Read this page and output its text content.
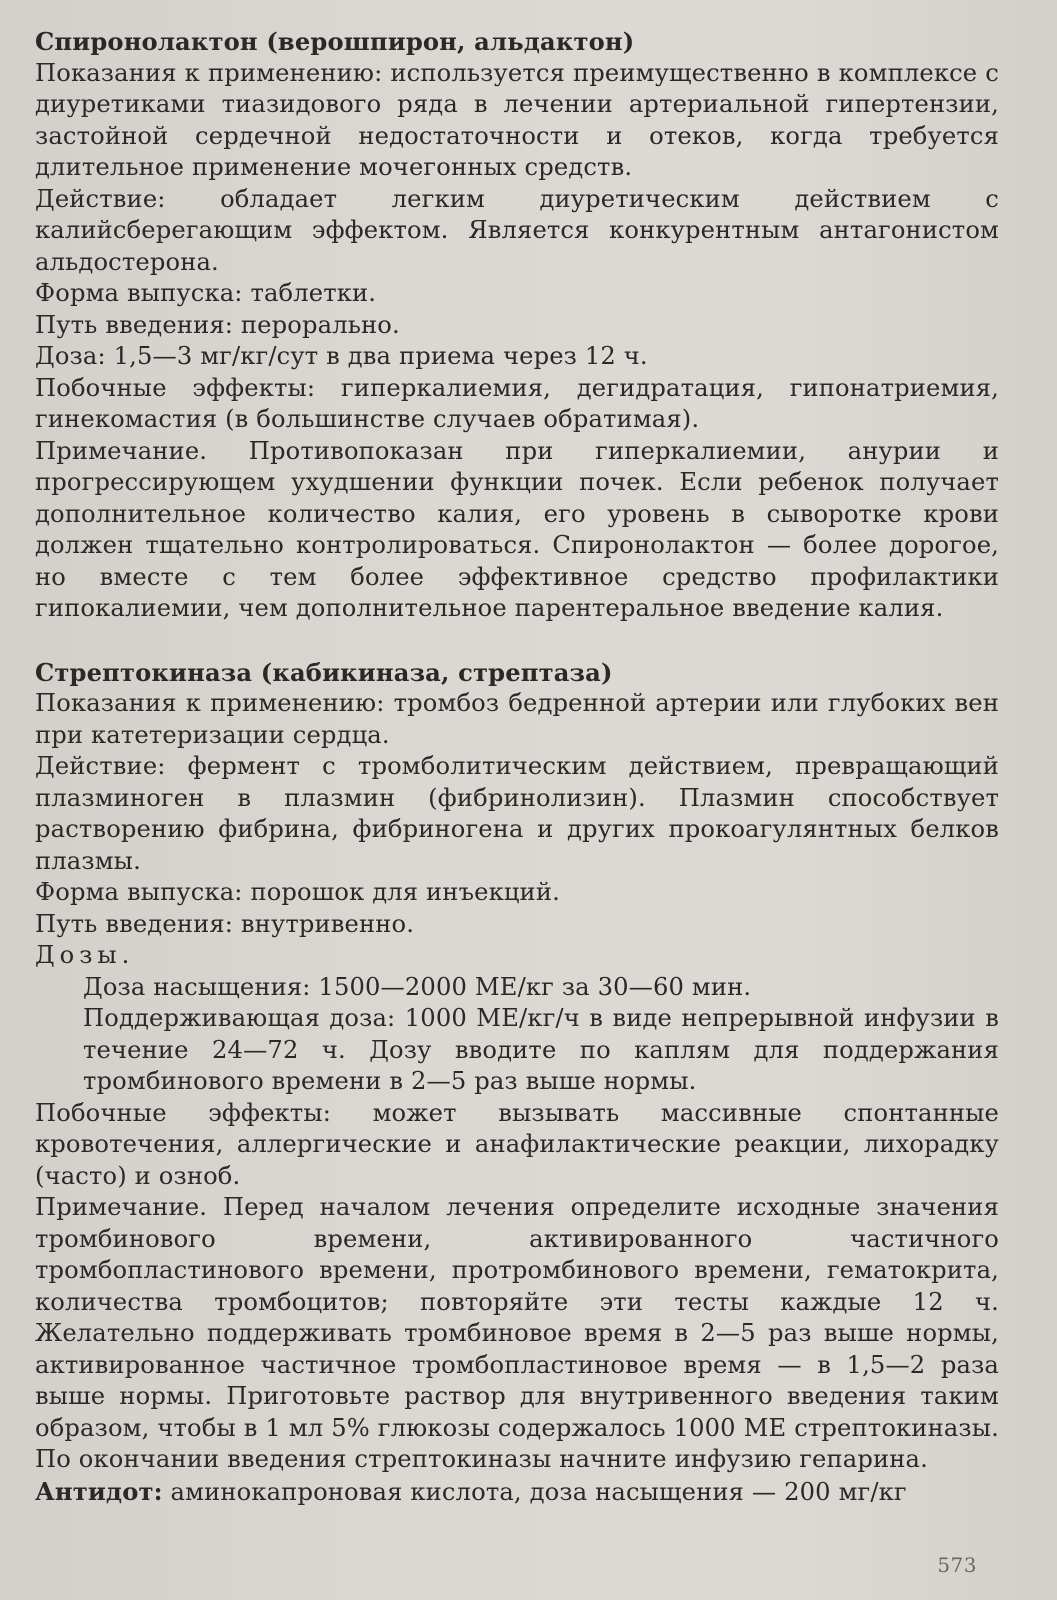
Спиронолактон (верошпирон, альдактон)

Показания к применению: используется преимущественно в комплексе с диуретиками тиазидового ряда в лечении артериальной гипертензии, застойной сердечной недостаточности и отеков, когда требуется длительное применение мочегонных средств.

Действие: обладает легким диуретическим действием с калийсберегающим эффектом. Является конкурентным антагонистом альдостерона.

Форма выпуска: таблетки.

Путь введения: перорально.

Доза: 1,5—3 мг/кг/сут в два приема через 12 ч.

Побочные эффекты: гиперкалиемия, дегидратация, гипонатриемия, гинекомастия (в большинстве случаев обратимая).

Примечание. Противопоказан при гиперкалиемии, анурии и прогрессирующем ухудшении функции почек. Если ребенок получает дополнительное количество калия, его уровень в сыворотке крови должен тщательно контролироваться. Спиронолактон — более дорогое, но вместе с тем более эффективное средство профилактики гипокалиемии, чем дополнительное парентеральное введение калия.

Стрептокиназа (кабикиназа, стрептаза)

Показания к применению: тромбоз бедренной артерии или глубоких вен при катетеризации сердца.

Действие: фермент с тромболитическим действием, превращающий плазминоген в плазмин (фибринолизин). Плазмин способствует растворению фибрина, фибриногена и других прокоагулянтных белков плазмы.

Форма выпуска: порошок для инъекций.

Путь введения: внутривенно.

Дозы.

Доза насыщения: 1500—2000 МЕ/кг за 30—60 мин.

Поддерживающая доза: 1000 МЕ/кг/ч в виде непрерывной инфузии в течение 24—72 ч. Дозу вводите по каплям для поддержания тромбинового времени в 2—5 раз выше нормы.

Побочные эффекты: может вызывать массивные спонтанные кровотечения, аллергические и анафилактические реакции, лихорадку (часто) и озноб.

Примечание. Перед началом лечения определите исходные значения тромбинового времени, активированного частичного тромбопластинового времени, протромбинового времени, гематокрита, количества тромбоцитов; повторяйте эти тесты каждые 12 ч. Желательно поддерживать тромбиновое время в 2—5 раз выше нормы, активированное частичное тромбопластиновое время — в 1,5—2 раза выше нормы. Приготовьте раствор для внутривенного введения таким образом, чтобы в 1 мл 5% глюкозы содержалось 1000 МЕ стрептокиназы. По окончании введения стрептокиназы начните инфузию гепарина.

Антидот: аминокапроновая кислота, доза насыщения — 200 мг/кг

573
